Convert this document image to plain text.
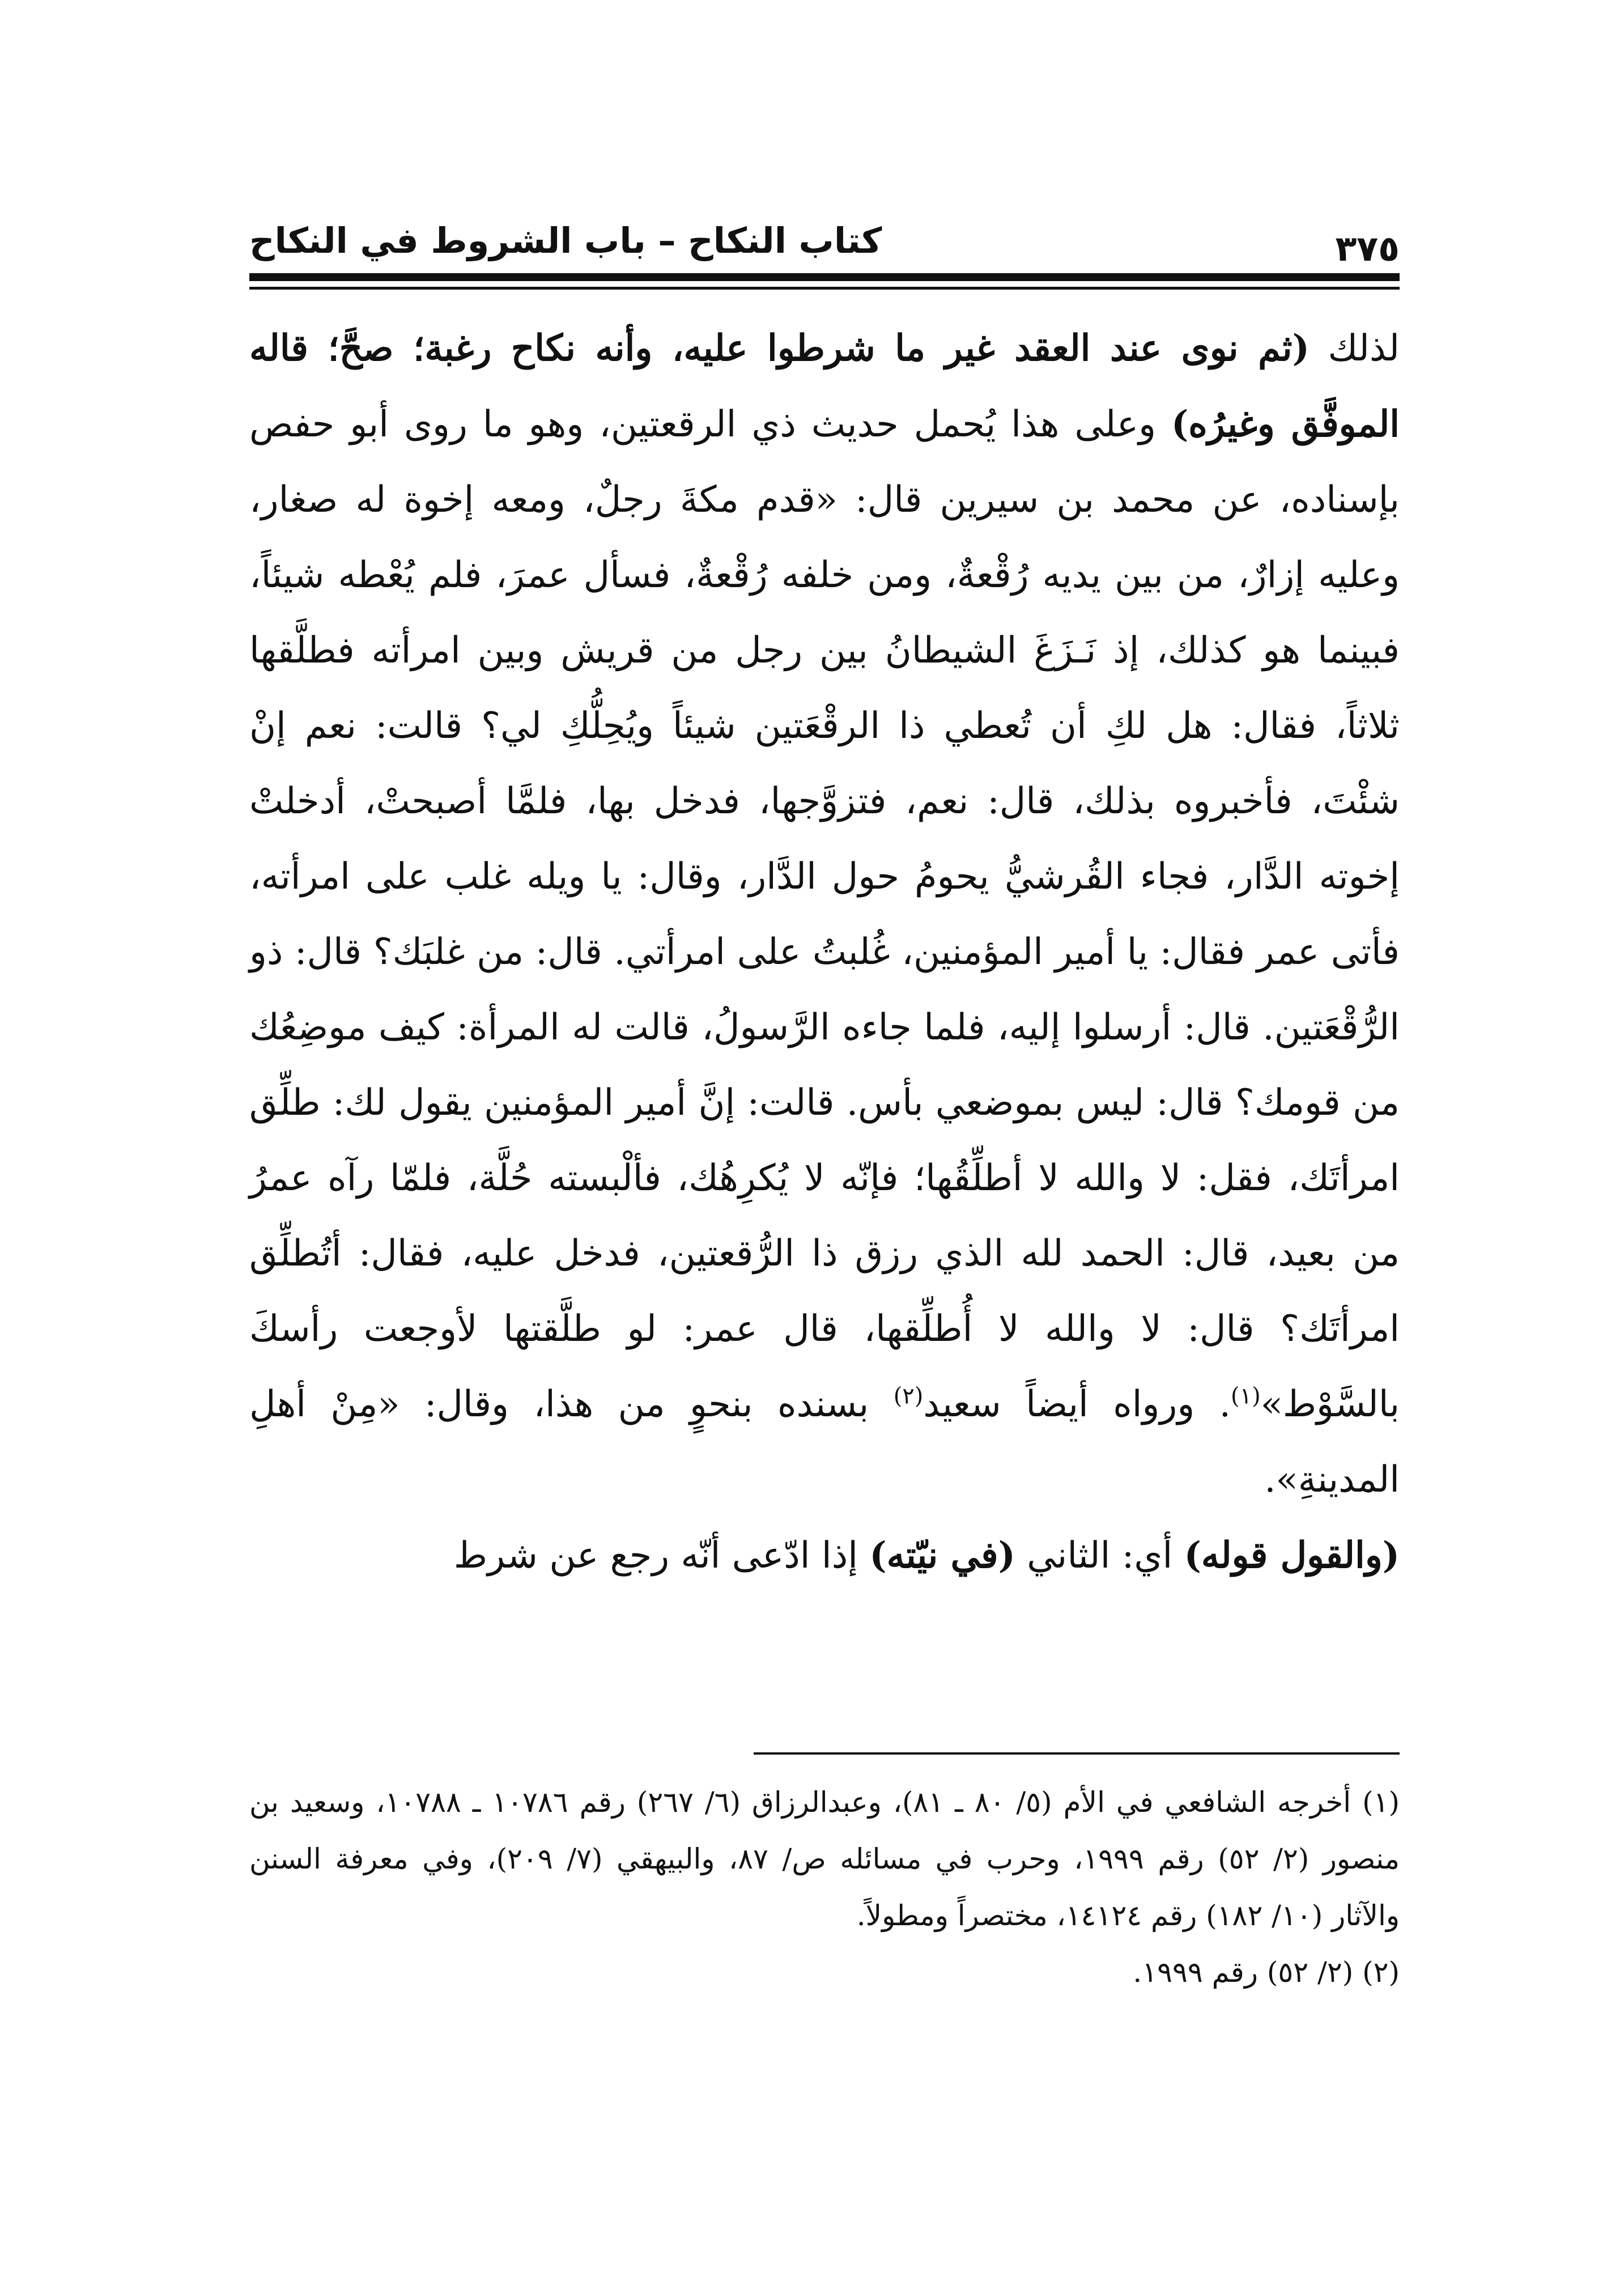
كتاب النكاح – باب الشروط في النكاح	٣٧٥

لذلك (ثم نوى عند العقد غير ما شرطوا عليه، وأنه نكاح رغبة؛ صحَّ؛ قاله الموفَّق وغيرُه) وعلى هذا يُحمل حديث ذي الرقعتين، وهو ما روى أبو حفص بإسناده، عن محمد بن سيرين قال: «قدم مكةَ رجلٌ، ومعه إخوة له صغار، وعليه إزارٌ، من بين يديه رُقْعةٌ، ومن خلفه رُقْعةٌ، فسأل عمرَ، فلم يُعْطه شيئاً، فبينما هو كذلك، إذ نَـزَغَ الشيطانُ بين رجل من قريش وبين امرأته فطلَّقها ثلاثاً، فقال: هل لكِ أن تُعطي ذا الرقْعَتين شيئاً ويُحِلُّكِ لي؟ قالت: نعم إنْ شئْتَ، فأخبروه بذلك، قال: نعم، فتزوَّجها، فدخل بها، فلمَّا أصبحتْ، أدخلتْ إخوته الدَّار، فجاء القُرشيُّ يحومُ حول الدَّار، وقال: يا ويله غلب على امرأته، فأتى عمر فقال: يا أمير المؤمنين، غُلبتُ على امرأتي. قال: من غلبَك؟ قال: ذو الرُّقْعَتين. قال: أرسلوا إليه، فلما جاءه الرَّسولُ، قالت له المرأة: كيف موضِعُك من قومك؟ قال: ليس بموضعي بأس. قالت: إنَّ أمير المؤمنين يقول لك: طلِّق امرأتَك، فقل: لا والله لا أطلِّقُها؛ فإنّه لا يُكرِهُك، فألْبسته حُلَّة، فلمّا رآه عمرُ من بعيد، قال: الحمد لله الذي رزق ذا الرُّقعتين، فدخل عليه، فقال: أتُطلِّق امرأتَك؟ قال: لا والله لا أُطلِّقها، قال عمر: لو طلَّقتها لأوجعت رأسكَ بالسَّوْط»$^{(١)}$. ورواه أيضاً سعيد$^{(٢)}$ بسنده بنحوٍ من هذا، وقال: «مِنْ أهلِ المدينةِ».

(والقول قوله) أي: الثاني (في نيّته) إذا ادّعى أنّه رجع عن شرط

(١) أخرجه الشافعي في الأم (٥/ ٨٠ ـ ٨١)، وعبدالرزاق (٦/ ٢٦٧) رقم ١٠٧٨٦ ـ ١٠٧٨٨، وسعيد بن منصور (٢/ ٥٢) رقم ١٩٩٩، وحرب في مسائله ص/ ٨٧، والبيهقي (٧/ ٢٠٩)، وفي معرفة السنن والآثار (١٠/ ١٨٢) رقم ١٤١٢٤، مختصراً ومطولاً.

(٢) (٢/ ٥٢) رقم ١٩٩٩.
